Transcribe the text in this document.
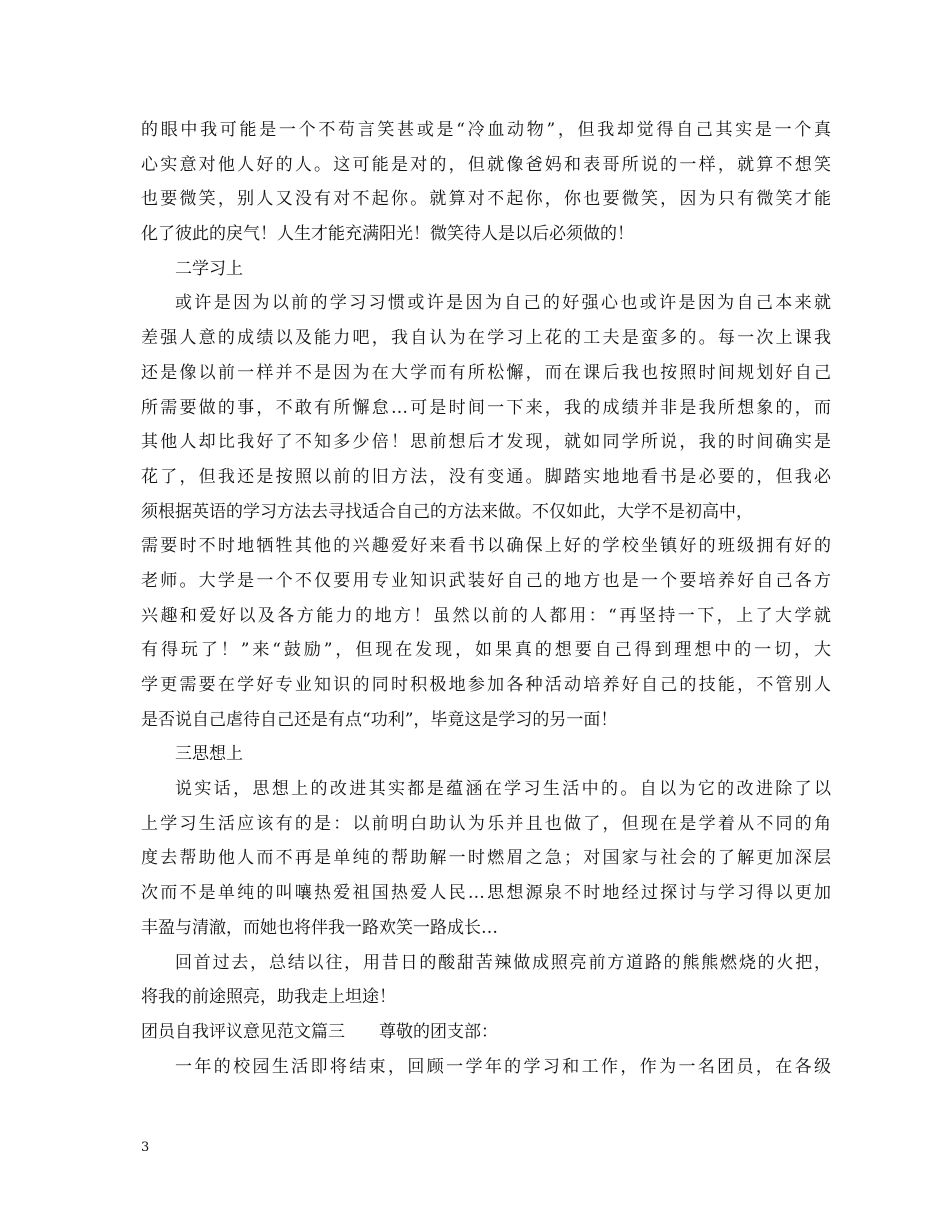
的眼中我可能是一个不苟言笑甚或是“冷血动物”，但我却觉得自己其实是一个真
心实意对他人好的人。这可能是对的，但就像爸妈和表哥所说的一样，就算不想笑
也要微笑，别人又没有对不起你。就算对不起你，你也要微笑，因为只有微笑才能
化了彼此的戾气！人生才能充满阳光！微笑待人是以后必须做的！
二学习上
或许是因为以前的学习习惯或许是因为自己的好强心也或许是因为自己本来就
差强人意的成绩以及能力吧，我自认为在学习上花的工夫是蛮多的。每一次上课我
还是像以前一样并不是因为在大学而有所松懈，而在课后我也按照时间规划好自己
所需要做的事，不敢有所懈怠…可是时间一下来，我的成绩并非是我所想象的，而
其他人却比我好了不知多少倍！思前想后才发现，就如同学所说，我的时间确实是
花了，但我还是按照以前的旧方法，没有变通。脚踏实地地看书是必要的，但我必
须根据英语的学习方法去寻找适合自己的方法来做。不仅如此，大学不是初高中，
需要时不时地牺牲其他的兴趣爱好来看书以确保上好的学校坐镇好的班级拥有好的
老师。大学是一个不仅要用专业知识武装好自己的地方也是一个要培养好自己各方
兴趣和爱好以及各方能力的地方！虽然以前的人都用：“再坚持一下，上了大学就
有得玩了！”来“鼓励”，但现在发现，如果真的想要自己得到理想中的一切，大
学更需要在学好专业知识的同时积极地参加各种活动培养好自己的技能，不管别人
是否说自己虐待自己还是有点“功利”，毕竟这是学习的另一面！
三思想上
说实话，思想上的改进其实都是蕴涵在学习生活中的。自以为它的改进除了以
上学习生活应该有的是：以前明白助认为乐并且也做了，但现在是学着从不同的角
度去帮助他人而不再是单纯的帮助解一时燃眉之急；对国家与社会的了解更加深层
次而不是单纯的叫嚷热爱祖国热爱人民…思想源泉不时地经过探讨与学习得以更加
丰盈与清澈，而她也将伴我一路欢笑一路成长…
回首过去，总结以往，用昔日的酸甜苦辣做成照亮前方道路的熊熊燃烧的火把，
将我的前途照亮，助我走上坦途！
团员自我评议意见范文篇三　　尊敬的团支部：
一年的校园生活即将结束，回顾一学年的学习和工作，作为一名团员，在各级
3
